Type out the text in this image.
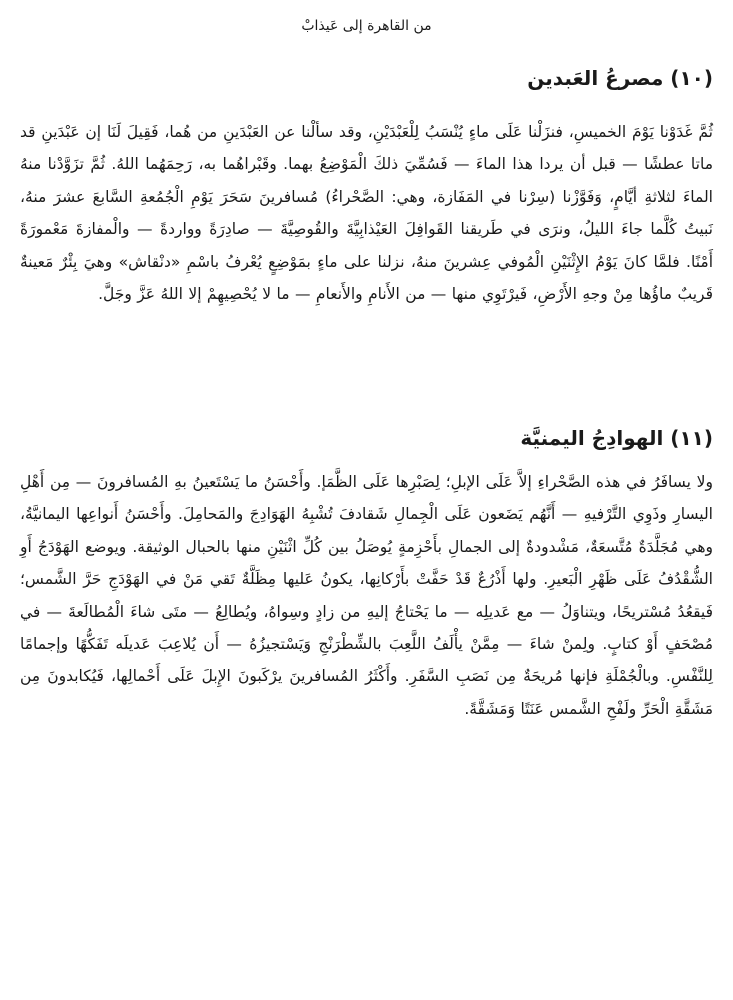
من القاهرة إلى عَيذابْ
(١٠) مصرعُ العَبدين

ثُمَّ غَدَوْنا يَوْمَ الخميسِ، فنزَلْنا عَلَى ماءٍ يُنْسَبُ لِلْعَبْدَيْنِ، وقد سألْنا عن العَبْدَينِ من هُما، فَقِيلَ لَنَا إن عَبْدَينِ قد ماتا عطشًا — قبل أن يردا هذا الماءَ — فَسُمِّيَ ذلكَ الْمَوْضِعُ بهما. وقَبْراهُما به، رَحِمَهُما اللهُ. ثُمَّ تزَوَّدْنا منهُ الماءَ لثلاثةِ أيَّامٍ، وَفَوَّزْنا (سِرْنا في المَفَازة، وهي: الصَّحْراءُ) مُسافرينَ سَحَرَ يَوْمِ الْجُمُعةِ السَّابعَ عشرَ منهُ، نَبيتُ كُلَّما جاءَ الليلُ، ونرَى في طَريقنا القَوافِلَ العَيْذابِيَّةَ والقُوصِيَّةَ — صادِرَةً وواردةً — والْمفازةَ مَعْمورَةً أَمْنًا. فلمَّا كانَ يَوْمُ الإِثْنَيْنِ الْمُوفي عِشرينَ منهُ، نزلنا على ماءٍ بمَوْضِعٍ يُعْرفُ باسْمِ «دنْقاش» وهيَ بِئْرٌ مَعينةٌ قَريبٌ ماؤُها مِنْ وجهِ الأَرْضِ، فَيرْتَوِي منها — من الأَنامِ والأَنعامِ — ما لا يُحْصِيهِمْ إلا اللهُ عَزَّ وجَلَّ.

(١١) الهوادِجُ اليمنيَّة

ولا يسافَرُ في هذه الصَّحْراءِ إلاَّ عَلَى الإبلِ؛ لِصَبْرِها عَلَى الظَّمَإ. وأَحْسَنُ ما يَسْتَعينُ بهِ المُسافرونَ — مِن أَهْلِ اليسارِ وذَوِي التَّرْفيهِ — أَنَّهُم يَضَعون عَلَى الْجِمالِ شَقادفَ تُشْبِهُ الهَوَادِجَ والمَحامِلَ. وأَحْسَنُ أَنواعِها اليمانيَّةُ، وهي مُجَلَّدَةٌ مُتَّسعَةٌ، مَشْدودةٌ إلى الجمالِ بأَحْزِمةٍ يُوصَلُ بين كُلِّ اثْنَيْنِ منها بالحبال الوثيقة. ويوضع الهَوْدَجُ أَوِ الشُّقْدُفُ عَلَى ظَهْرِ الْبَعيرِ. ولها أَذْرُعٌ قَدْ حَفَّتْ بأَرْكانِها، يكونُ عَليها مِظَلَّةٌ تَقي مَنْ في الهَوْدَجِ حَرَّ الشَّمس؛ فَيقعُدُ مُسْتريحًا، ويتناوَلُ — مع عَديلِه — ما يَحْتاجُ إليهِ من زادٍ وسِواهُ، ويُطالِعُ — متَى شاءَ الْمُطالَعةَ — في مُصْحَفٍ أَوْ كتابٍ. ولِمنْ شاءَ — مِمَّنْ يأْلَفُ اللَّعِبَ بالشِّطْرَنْجِ وَيَسْتجيزُهُ — أَن يُلاعِبَ عَديلَه تَفَكُّهًا وإجمامًا لِلنَّفْسِ. وبالْجُمْلَةِ فإنها مُريحَةٌ مِن نَصَبِ السَّفَرِ. وأَكْثَرُ المُسافرينَ يرْكَبونَ الإِبلَ عَلَى أَحْمالِها، فَيُكابدونَ مِن مَشَقَّةِ الْحَرِّ ولَفْحِ الشَّمس عَنَتًا وَمَشَقَّةً.
